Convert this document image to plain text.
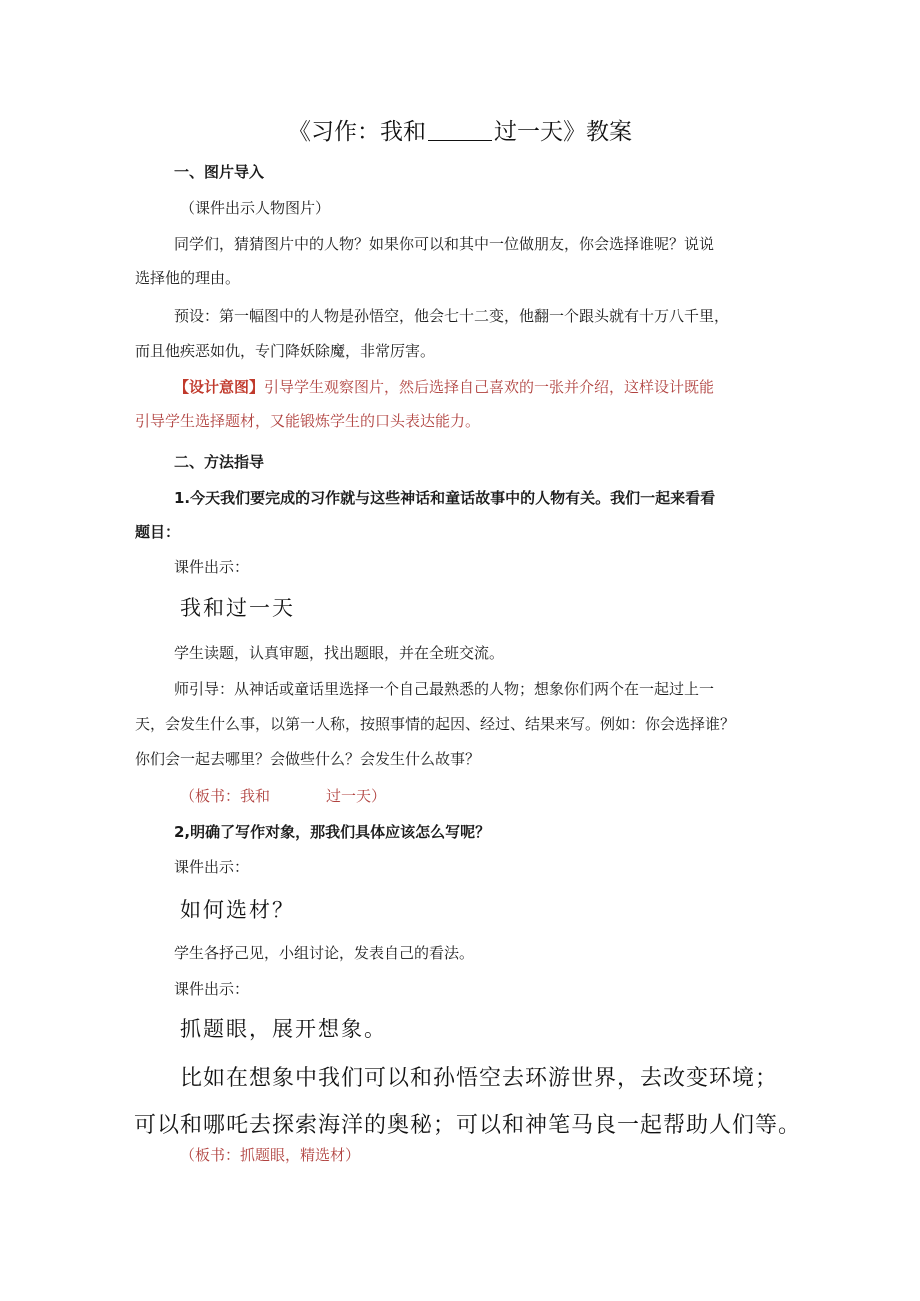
《习作：我和	过一天》教案
一、图片导入
（课件出示人物图片）
同学们，猜猜图片中的人物？如果你可以和其中一位做朋友，你会选择谁呢？说说
选择他的理由。
预设：第一幅图中的人物是孙悟空，他会七十二变，他翻一个跟头就有十万八千里，
而且他疾恶如仇，专门降妖除魔，非常厉害。
【设计意图】引导学生观察图片，然后选择自己喜欢的一张并介绍，这样设计既能
引导学生选择题材，又能锻炼学生的口头表达能力。
二、方法指导
1.今天我们要完成的习作就与这些神话和童话故事中的人物有关。我们一起来看看
题目：
课件出示：
我和过一天
学生读题，认真审题，找出题眼，并在全班交流。
师引导：从神话或童话里选择一个自己最熟悉的人物；想象你们两个在一起过上一
天，会发生什么事，以第一人称，按照事情的起因、经过、结果来写。例如：你会选择谁？
你们会一起去哪里？会做些什么？会发生什么故事？
（板书：我和	过一天）
2,明确了写作对象，那我们具体应该怎么写呢？
课件出示：
如何选材？
学生各抒己见，小组讨论，发表自己的看法。
课件出示：
抓题眼，展开想象。
比如在想象中我们可以和孙悟空去环游世界，去改变环境；
可以和哪吒去探索海洋的奥秘；可以和神笔马良一起帮助人们等。
（板书：抓题眼，精选材）
